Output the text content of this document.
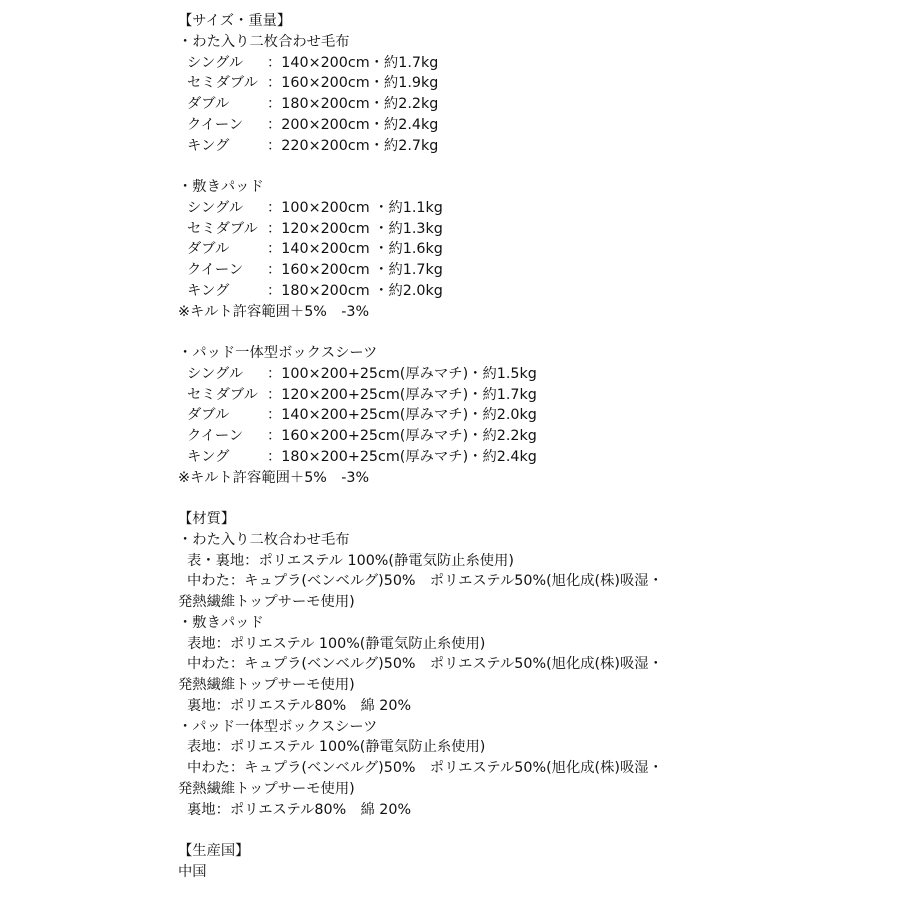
【サイズ・重量】
・わた入り二枚合わせ毛布
シングル	：140×200cm・約1.7kg
セミダブル ：160×200cm・約1.9kg
ダブル	：180×200cm・約2.2kg
クイーン	：200×200cm・約2.4kg
キング	：220×200cm・約2.7kg
・敷きパッド
シングル	：100×200cm ・約1.1kg
セミダブル ：120×200cm ・約1.3kg
ダブル	：140×200cm ・約1.6kg
クイーン	：160×200cm ・約1.7kg
キング	：180×200cm ・約2.0kg
※キルト許容範囲＋5%　-3%
・パッド一体型ボックスシーツ
シングル	：100×200+25cm(厚みマチ)・約1.5kg
セミダブル ：120×200+25cm(厚みマチ)・約1.7kg
ダブル	：140×200+25cm(厚みマチ)・約2.0kg
クイーン	：160×200+25cm(厚みマチ)・約2.2kg
キング	：180×200+25cm(厚みマチ)・約2.4kg
※キルト許容範囲＋5%　-3%
【材質】
・わた入り二枚合わせ毛布
表・裏地：ポリエステル 100%(静電気防止糸使用)
中わた：キュプラ(ベンベルグ)50%　ポリエステル50%(旭化成(株)吸湿・
発熱繊維トップサーモ使用)
・敷きパッド
表地：ポリエステル 100%(静電気防止糸使用)
中わた：キュプラ(ベンベルグ)50%　ポリエステル50%(旭化成(株)吸湿・
発熱繊維トップサーモ使用)
裏地：ポリエステル80%　綿 20%
・パッド一体型ボックスシーツ
表地：ポリエステル 100%(静電気防止糸使用)
中わた：キュプラ(ベンベルグ)50%　ポリエステル50%(旭化成(株)吸湿・
発熱繊維トップサーモ使用)
裏地：ポリエステル80%　綿 20%
【生産国】
中国
